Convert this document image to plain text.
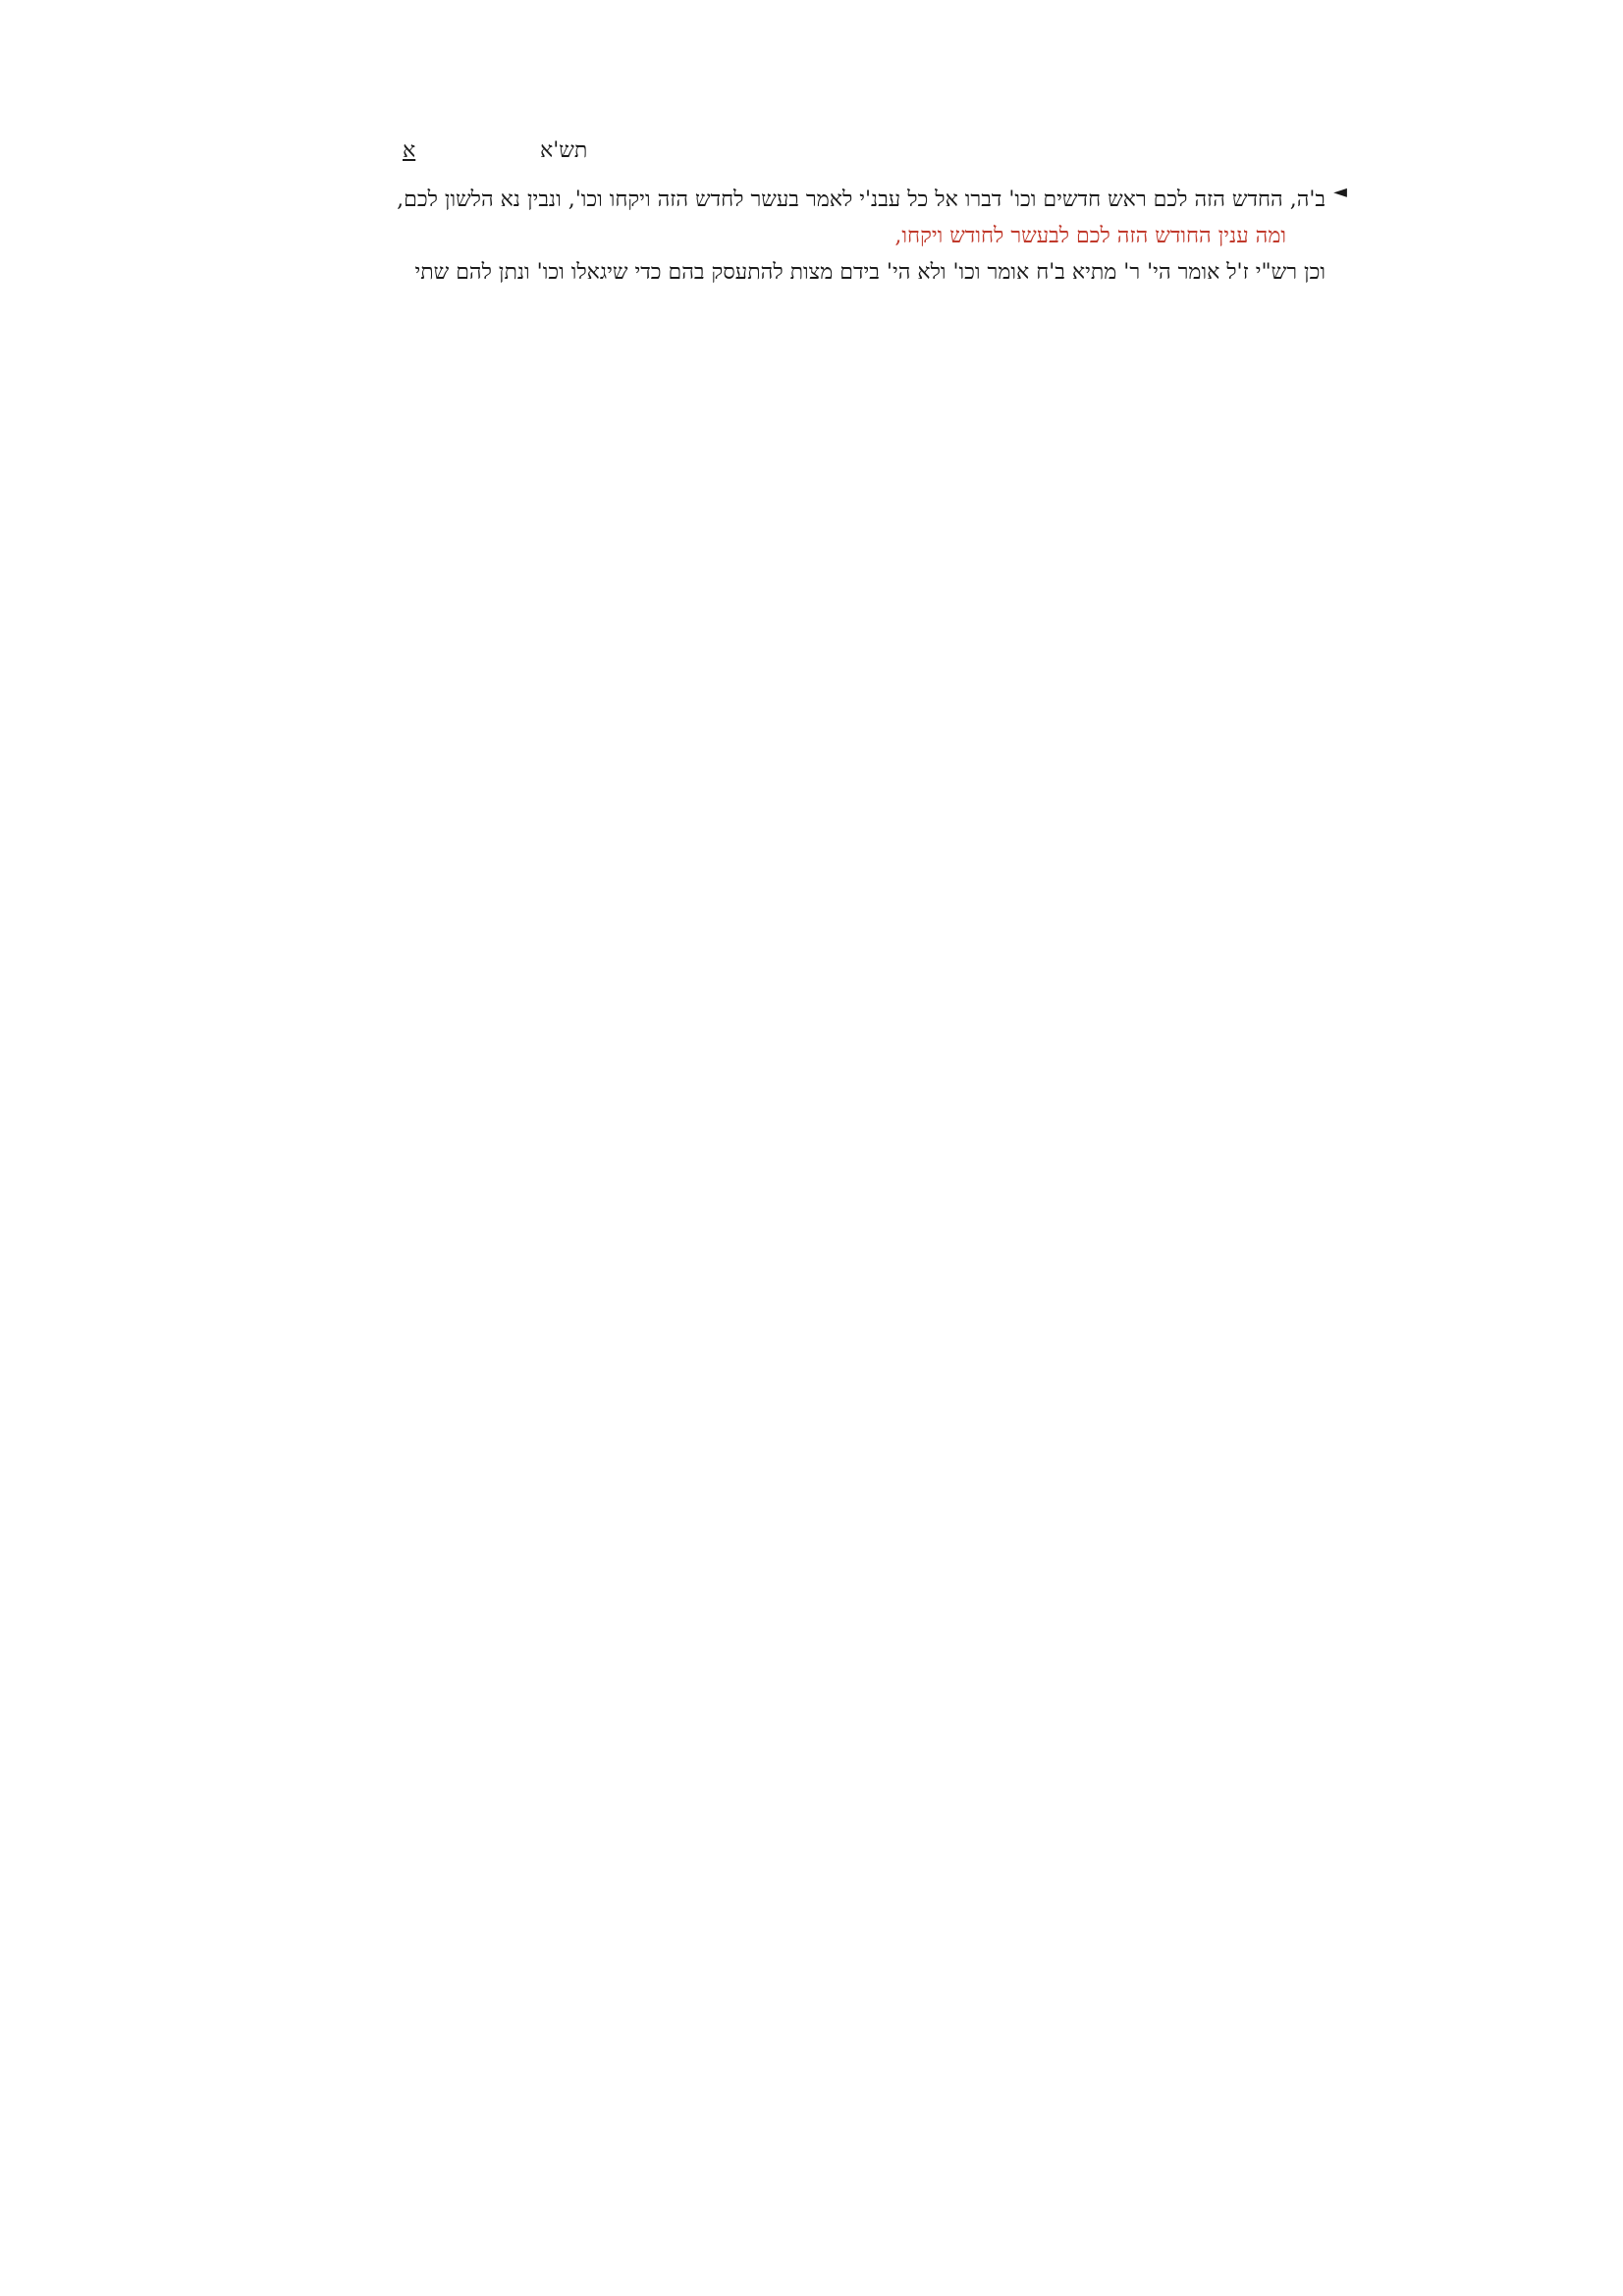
א	תש'א
◄
ב'ה, החדש הזה לכם ראש חדשים וכו' דברו אל כל עבנ'י לאמר בעשר לחדש הזה ויקחו וכו', ונבין נא הלשון לכם,
ומה ענין החודש הזה לכם לבעשר לחודש ויקחו,
וכן רש"י ז'ל אומר הי' ר' מתיא ב'ח אומר וכו' ולא הי' בידם מצות להתעסק בהם כדי שיגאלו וכו' ונתן להם שתי
